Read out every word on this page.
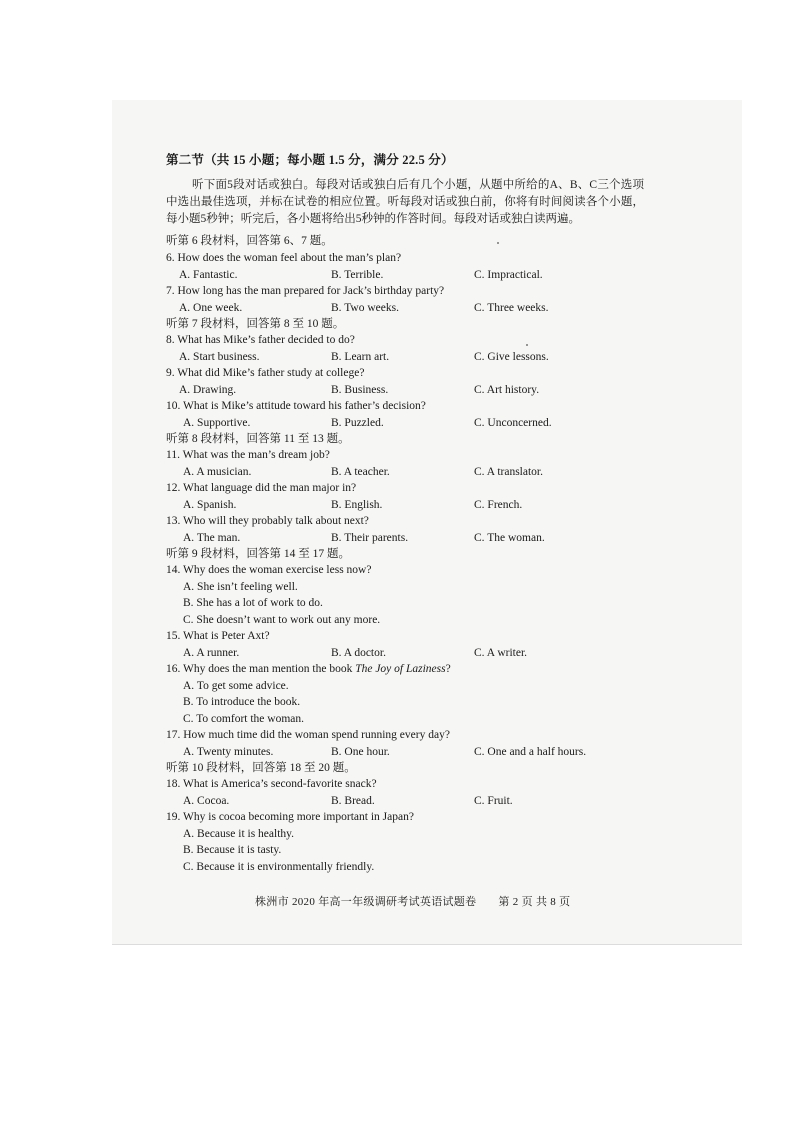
第二节（共 15 小题；每小题 1.5 分，满分 22.5 分）
听下面5段对话或独白。每段对话或独白后有几个小题，从题中所给的A、B、C三个选项中选出最佳选项，并标在试卷的相应位置。听每段对话或独白前，你将有时间阅读各个小题，每小题5秒钟；听完后，各小题将给出5秒钟的作答时间。每段对话或独白读两遍。
听第 6 段材料，回答第 6、7 题。
6. How does the woman feel about the man’s plan?
A. Fantastic.	B. Terrible.	C. Impractical.
7. How long has the man prepared for Jack’s birthday party?
A. One week.	B. Two weeks.	C. Three weeks.
听第 7 段材料，回答第 8 至 10 题。
8. What has Mike’s father decided to do?
A. Start business.	B. Learn art.	C. Give lessons.
9. What did Mike’s father study at college?
A. Drawing.	B. Business.	C. Art history.
10. What is Mike’s attitude toward his father’s decision?
A. Supportive.	B. Puzzled.	C. Unconcerned.
听第 8 段材料，回答第 11 至 13 题。
11. What was the man’s dream job?
A. A musician.	B. A teacher.	C. A translator.
12. What language did the man major in?
A. Spanish.	B. English.	C. French.
13. Who will they probably talk about next?
A. The man.	B. Their parents.	C. The woman.
听第 9 段材料，回答第 14 至 17 题。
14. Why does the woman exercise less now?
A. She isn’t feeling well.
B. She has a lot of work to do.
C. She doesn’t want to work out any more.
15. What is Peter Axt?
A. A runner.	B. A doctor.	C. A writer.
16. Why does the man mention the book The Joy of Laziness?
A. To get some advice.
B. To introduce the book.
C. To comfort the woman.
17. How much time did the woman spend running every day?
A. Twenty minutes.	B. One hour.	C. One and a half hours.
听第 10 段材料，回答第 18 至 20 题。
18. What is America’s second-favorite snack?
A. Cocoa.	B. Bread.	C. Fruit.
19. Why is cocoa becoming more important in Japan?
A. Because it is healthy.
B. Because it is tasty.
C. Because it is environmentally friendly.
株洲市 2020 年高一年级调研考试英语试题卷 第 2 页 共 8 页
